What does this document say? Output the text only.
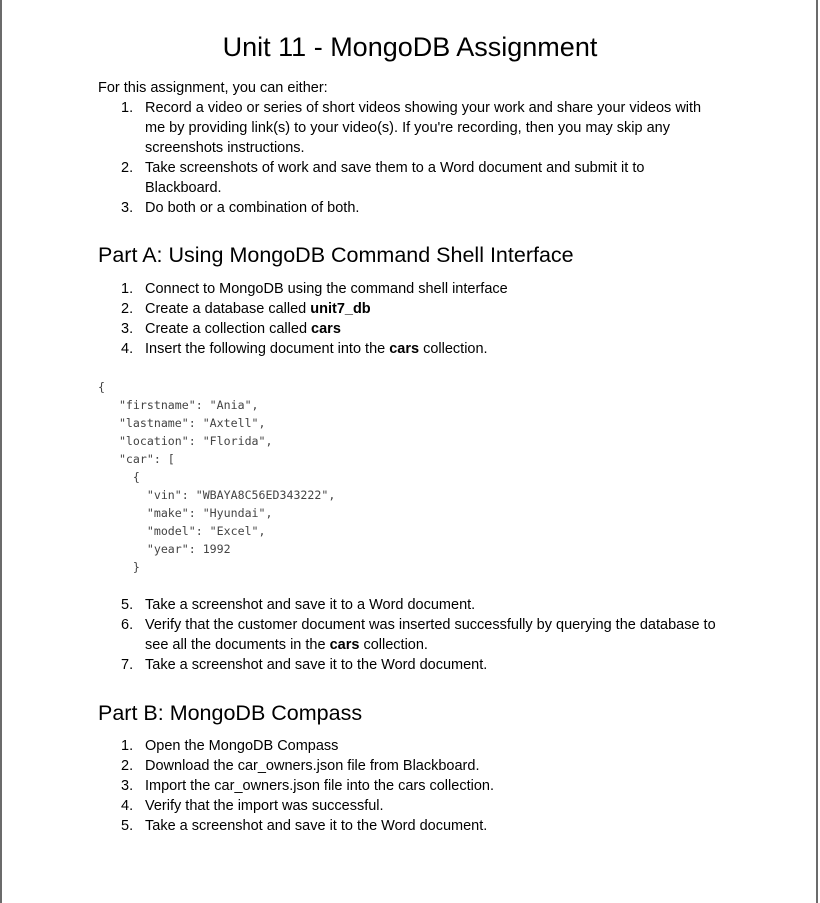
Unit 11 - MongoDB Assignment
For this assignment, you can either:
1. Record a video or series of short videos showing your work and share your videos with me by providing link(s) to your video(s). If you're recording, then you may skip any screenshots instructions.
2. Take screenshots of work and save them to a Word document and submit it to Blackboard.
3. Do both or a combination of both.
Part A: Using MongoDB Command Shell Interface
1. Connect to MongoDB using the command shell interface
2. Create a database called unit7_db
3. Create a collection called cars
4. Insert the following document into the cars collection.
{
"firstname": "Ania",
"lastname": "Axtell",
"location": "Florida",
"car": [
{
"vin": "WBAYA8C56ED343222",
"make": "Hyundai",
"model": "Excel",
"year": 1992
}
5. Take a screenshot and save it to a Word document.
6. Verify that the customer document was inserted successfully by querying the database to see all the documents in the cars collection.
7. Take a screenshot and save it to the Word document.
Part B: MongoDB Compass
1. Open the MongoDB Compass
2. Download the car_owners.json file from Blackboard.
3. Import the car_owners.json file into the cars collection.
4. Verify that the import was successful.
5. Take a screenshot and save it to the Word document.
